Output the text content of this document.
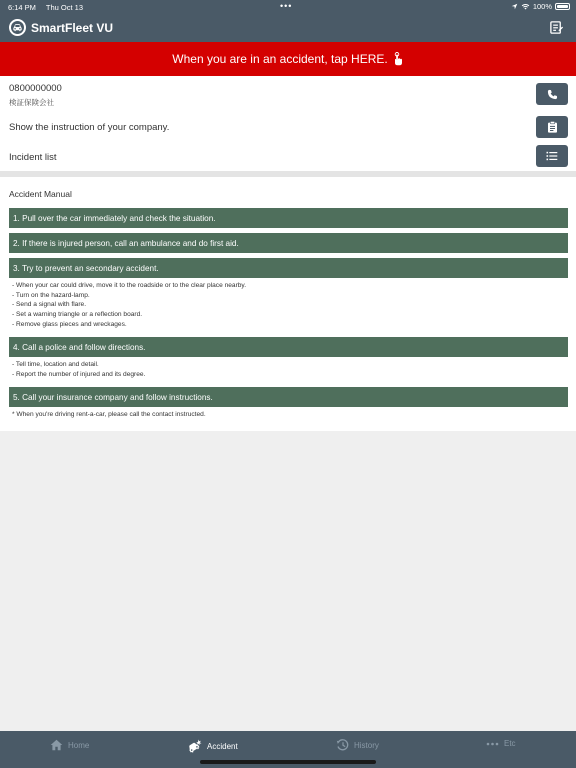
6:14 PM Thu Oct 13	•••	100%
SmartFleet VU
When you are in an accident, tap HERE.
0800000000
検証保険会社
Show the instruction of your company.
Incident list
Accident Manual
1. Pull over the car immediately and check the situation.
2. If there is injured person, call an ambulance and do first aid.
3. Try to prevent an secondary accident.
- When your car could drive, move it to the roadside or to the clear place nearby.
- Turn on the hazard-lamp.
- Send a signal with flare.
- Set a warning triangle or a reflection board.
- Remove glass pieces and wreckages.
4. Call a police and follow directions.
- Tell time, location and detail.
- Report the number of injured and its degree.
5. Call your insurance company and follow instructions.
* When you're driving rent-a-car, please call the contact instructed.
Home	Accident	History	Etc
